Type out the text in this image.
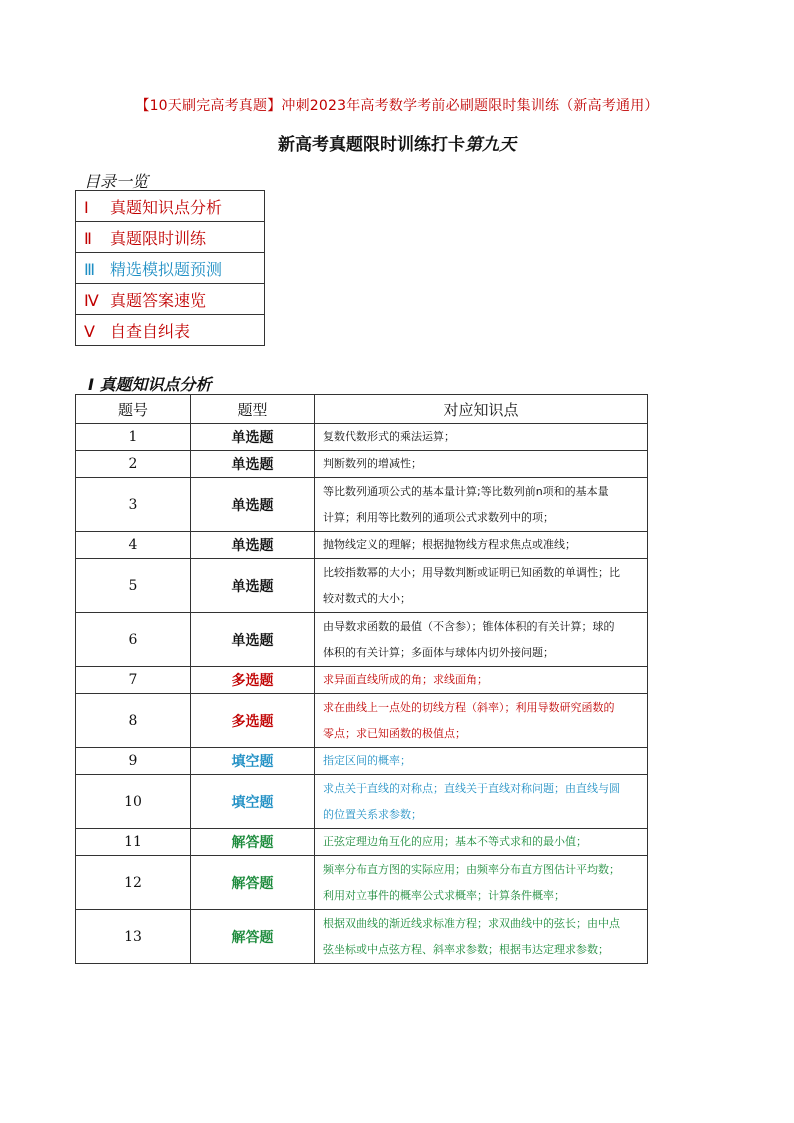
【10天刷完高考真题】冲刺2023年高考数学考前必刷题限时集训练（新高考通用）
新高考真题限时训练打卡第九天
目录一览
Ⅰ 真题知识点分析
Ⅱ 真题限时训练
Ⅲ 精选模拟题预测
Ⅳ 真题答案速览
Ⅴ 自查自纠表
Ⅰ 真题知识点分析
题号	题型	对应知识点
1	单选题	复数代数形式的乘法运算；

2	单选题	判断数列的增减性；

3	单选题	等比数列通项公式的基本量计算;等比数列前n项和的基本量
计算；利用等比数列的通项公式求数列中的项；

4	单选题	抛物线定义的理解；根据抛物线方程求焦点或准线；

5	单选题	比较指数幂的大小；用导数判断或证明已知函数的单调性；比
较对数式的大小；

6	单选题	由导数求函数的最值（不含参）；锥体体积的有关计算；球的
体积的有关计算；多面体与球体内切外接问题；

7	多选题	求异面直线所成的角；求线面角；

8	多选题	求在曲线上一点处的切线方程（斜率）；利用导数研究函数的
零点；求已知函数的极值点；

9	填空题	指定区间的概率；

10	填空题	求点关于直线的对称点；直线关于直线对称问题；由直线与圆
的位置关系求参数；

11	解答题	正弦定理边角互化的应用；基本不等式求和的最小值；

12	解答题	频率分布直方图的实际应用；由频率分布直方图估计平均数；
利用对立事件的概率公式求概率；计算条件概率；

13	解答题	根据双曲线的渐近线求标准方程；求双曲线中的弦长；由中点
弦坐标或中点弦方程、斜率求参数；根据韦达定理求参数；
